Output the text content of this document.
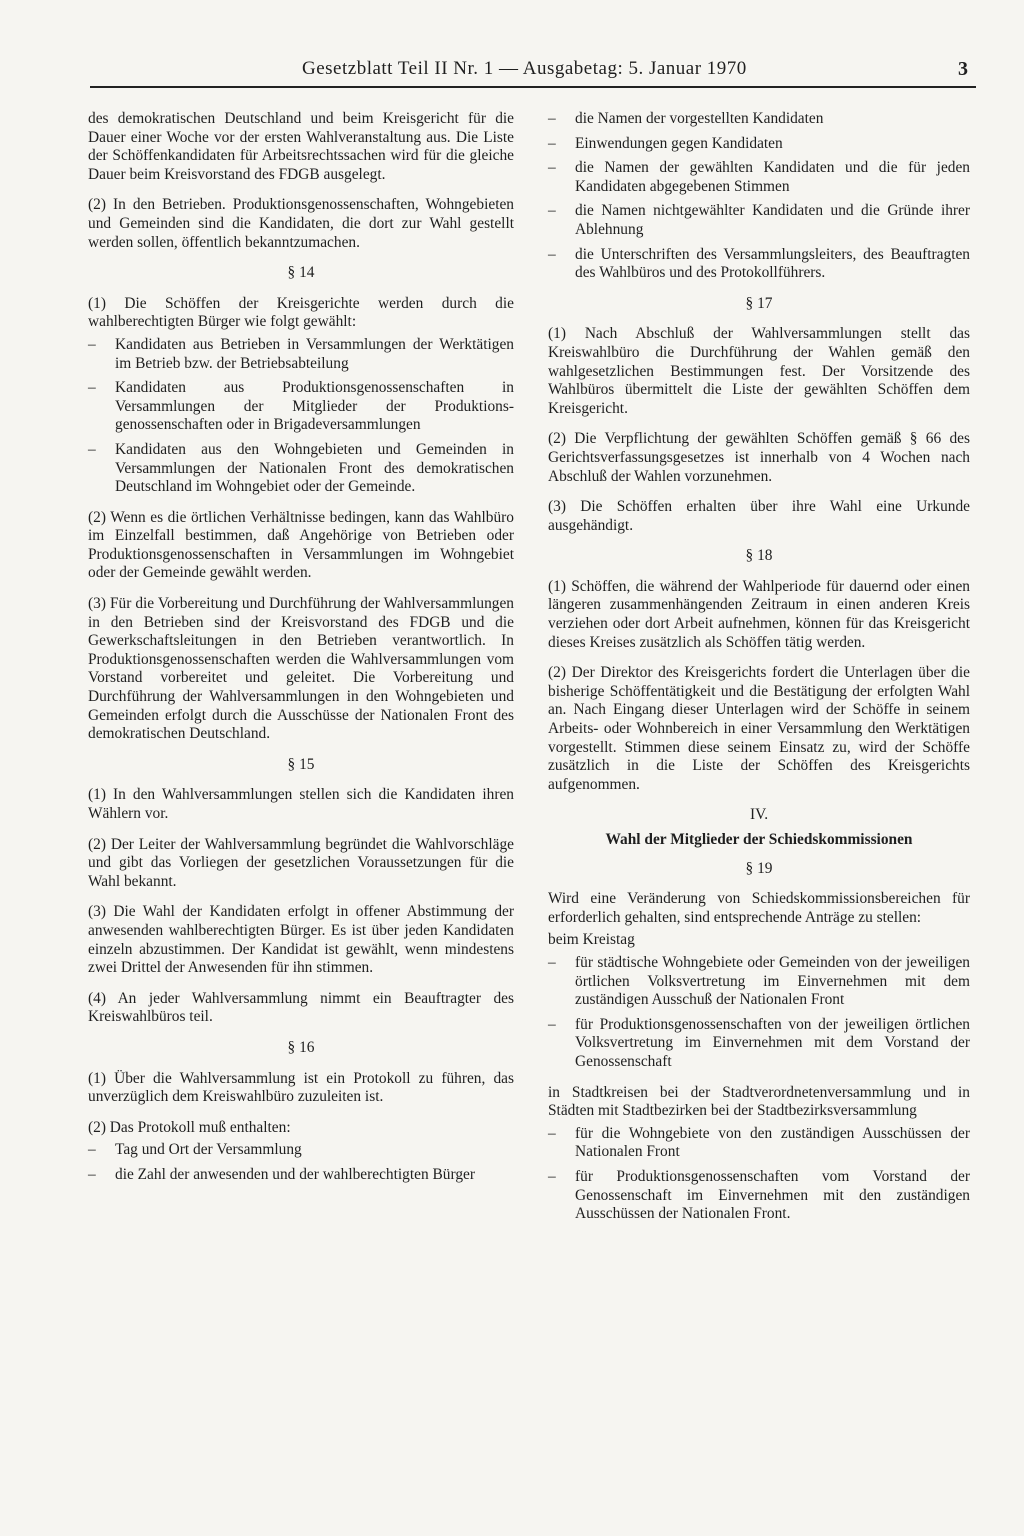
Gesetzblatt Teil II Nr. 1 — Ausgabetag: 5. Januar 1970	3

des demokratischen Deutschland und beim Kreisgericht für die Dauer einer Woche vor der ersten Wahlveranstaltung aus. Die Liste der Schöffenkandidaten für Arbeitsrechtssachen wird für die gleiche Dauer beim Kreisvorstand des FDGB ausgelegt.

(2) In den Betrieben. Produktionsgenossenschaften, Wohngebieten und Gemeinden sind die Kandidaten, die dort zur Wahl gestellt werden sollen, öffentlich bekanntzumachen.

§ 14

(1) Die Schöffen der Kreisgerichte werden durch die wahlberechtigten Bürger wie folgt gewählt:

– Kandidaten aus Betrieben in Versammlungen der Werktätigen im Betrieb bzw. der Betriebsabteilung
– Kandidaten aus Produktionsgenossenschaften in Versammlungen der Mitglieder der Produktionsgenossenschaften oder in Brigadeversammlungen
– Kandidaten aus den Wohngebieten und Gemeinden in Versammlungen der Nationalen Front des demokratischen Deutschland im Wohngebiet oder der Gemeinde.

(2) Wenn es die örtlichen Verhältnisse bedingen, kann das Wahlbüro im Einzelfall bestimmen, daß Angehörige von Betrieben oder Produktionsgenossenschaften in Versammlungen im Wohngebiet oder der Gemeinde gewählt werden.

(3) Für die Vorbereitung und Durchführung der Wahlversammlungen in den Betrieben sind der Kreisvorstand des FDGB und die Gewerkschaftsleitungen in den Betrieben verantwortlich. In Produktionsgenossenschaften werden die Wahlversammlungen vom Vorstand vorbereitet und geleitet. Die Vorbereitung und Durchführung der Wahlversammlungen in den Wohngebieten und Gemeinden erfolgt durch die Ausschüsse der Nationalen Front des demokratischen Deutschland.

§ 15

(1) In den Wahlversammlungen stellen sich die Kandidaten ihren Wählern vor.

(2) Der Leiter der Wahlversammlung begründet die Wahlvorschläge und gibt das Vorliegen der gesetzlichen Voraussetzungen für die Wahl bekannt.

(3) Die Wahl der Kandidaten erfolgt in offener Abstimmung der anwesenden wahlberechtigten Bürger. Es ist über jeden Kandidaten einzeln abzustimmen. Der Kandidat ist gewählt, wenn mindestens zwei Drittel der Anwesenden für ihn stimmen.

(4) An jeder Wahlversammlung nimmt ein Beauftragter des Kreiswahlbüros teil.

§ 16

(1) Über die Wahlversammlung ist ein Protokoll zu führen, das unverzüglich dem Kreiswahlbüro zuzuleiten ist.

(2) Das Protokoll muß enthalten:

– Tag und Ort der Versammlung
– die Zahl der anwesenden und der wahlberechtigten Bürger
– die Namen der vorgestellten Kandidaten
– Einwendungen gegen Kandidaten
– die Namen der gewählten Kandidaten und die für jeden Kandidaten abgegebenen Stimmen
– die Namen nichtgewählter Kandidaten und die Gründe ihrer Ablehnung
– die Unterschriften des Versammlungsleiters, des Beauftragten des Wahlbüros und des Protokollführers.
§ 17

(1) Nach Abschluß der Wahlversammlungen stellt das Kreiswahlbüro die Durchführung der Wahlen gemäß den wahlgesetzlichen Bestimmungen fest. Der Vorsitzende des Wahlbüros übermittelt die Liste der gewählten Schöffen dem Kreisgericht.

(2) Die Verpflichtung der gewählten Schöffen gemäß § 66 des Gerichtsverfassungsgesetzes ist innerhalb von 4 Wochen nach Abschluß der Wahlen vorzunehmen.

(3) Die Schöffen erhalten über ihre Wahl eine Urkunde ausgehändigt.

§ 18

(1) Schöffen, die während der Wahlperiode für dauernd oder einen längeren zusammenhängenden Zeitraum in einen anderen Kreis verziehen oder dort Arbeit aufnehmen, können für das Kreisgericht dieses Kreises zusätzlich als Schöffen tätig werden.

(2) Der Direktor des Kreisgerichts fordert die Unterlagen über die bisherige Schöffentätigkeit und die Bestätigung der erfolgten Wahl an. Nach Eingang dieser Unterlagen wird der Schöffe in seinem Arbeits- oder Wohnbereich in einer Versammlung den Werktätigen vorgestellt. Stimmen diese seinem Einsatz zu, wird der Schöffe zusätzlich in die Liste der Schöffen des Kreisgerichts aufgenommen.

IV.
Wahl der Mitglieder der Schiedskommissionen
§ 19

Wird eine Veränderung von Schiedskommissionsbereichen für erforderlich gehalten, sind entsprechende Anträge zu stellen:

beim Kreistag

– für städtische Wohngebiete oder Gemeinden von der jeweiligen örtlichen Volksvertretung im Einvernehmen mit dem zuständigen Ausschuß der Nationalen Front
– für Produktionsgenossenschaften von der jeweiligen örtlichen Volksvertretung im Einvernehmen mit dem Vorstand der Genossenschaft

in Stadtkreisen bei der Stadtverordnetenversammlung und in Städten mit Stadtbezirken bei der Stadtbezirksversammlung

– für die Wohngebiete von den zuständigen Ausschüssen der Nationalen Front
– für Produktionsgenossenschaften vom Vorstand der Genossenschaft im Einvernehmen mit den zuständigen Ausschüssen der Nationalen Front.
